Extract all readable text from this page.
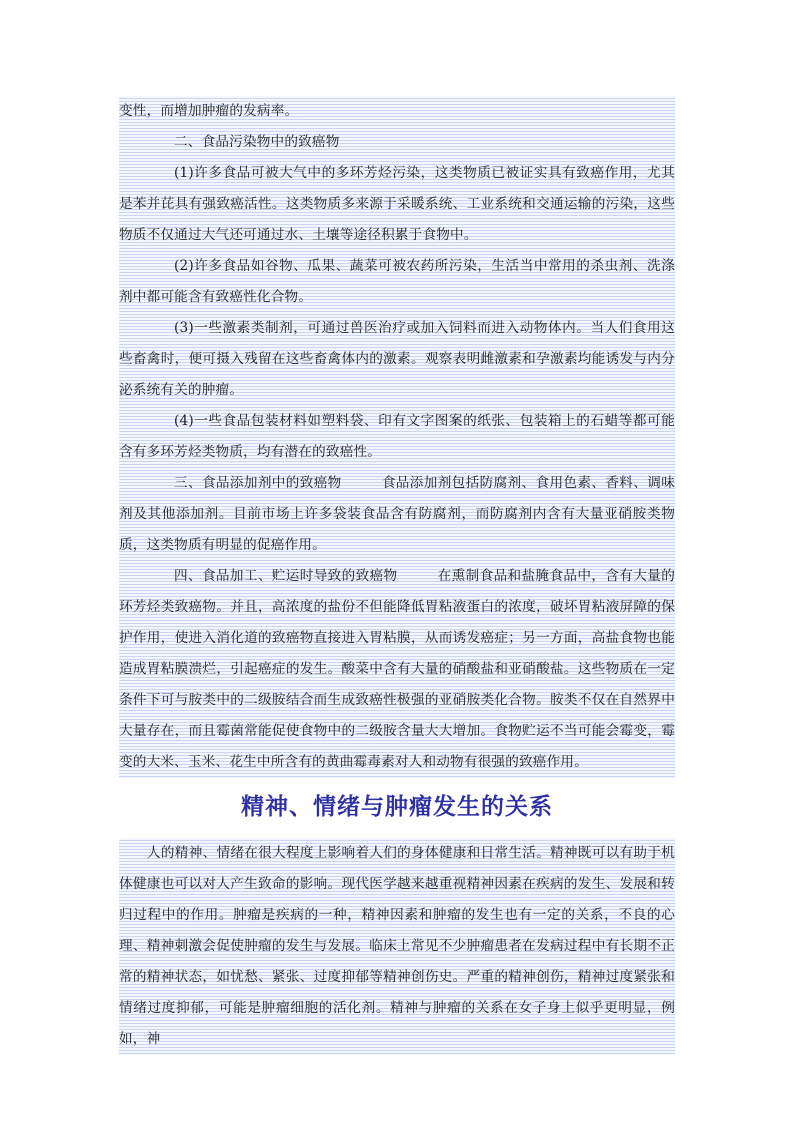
变性，而增加肿瘤的发病率。

二、食品污染物中的致癌物

(1)许多食品可被大气中的多环芳烃污染，这类物质已被证实具有致癌作用，尤其是苯并芘具有强致癌活性。这类物质多来源于采暖系统、工业系统和交通运输的污染，这些物质不仅通过大气还可通过水、土壤等途径积累于食物中。

(2)许多食品如谷物、瓜果、蔬菜可被农药所污染，生活当中常用的杀虫剂、洗涤剂中都可能含有致癌性化合物。

(3)一些激素类制剂，可通过兽医治疗或加入饲料而进入动物体内。当人们食用这些畜禽时，便可摄入残留在这些畜禽体内的激素。观察表明雌激素和孕激素均能诱发与内分泌系统有关的肿瘤。

(4)一些食品包装材料如塑料袋、印有文字图案的纸张、包装箱上的石蜡等都可能含有多环芳烃类物质，均有潜在的致癌性。

三、食品添加剂中的致癌物	食品添加剂包括防腐剂、食用色素、香料、调味剂及其他添加剂。目前市场上许多袋装食品含有防腐剂，而防腐剂内含有大量亚硝胺类物质，这类物质有明显的促癌作用。

四、食品加工、贮运时导致的致癌物	在熏制食品和盐腌食品中，含有大量的环芳烃类致癌物。并且，高浓度的盐份不但能降低胃粘液蛋白的浓度，破坏胃粘液屏障的保护作用，使进入消化道的致癌物直接进入胃粘膜，从而诱发癌症；另一方面，高盐食物也能造成胃粘膜溃烂，引起癌症的发生。酸菜中含有大量的硝酸盐和亚硝酸盐。这些物质在一定条件下可与胺类中的二级胺结合而生成致癌性极强的亚硝胺类化合物。胺类不仅在自然界中大量存在，而且霉菌常能促使食物中的二级胺含量大大增加。食物贮运不当可能会霉变，霉变的大米、玉米、花生中所含有的黄曲霉毒素对人和动物有很强的致癌作用。

精神、情绪与肿瘤发生的关系

人的精神、情绪在很大程度上影响着人们的身体健康和日常生活。精神既可以有助于机体健康也可以对人产生致命的影响。现代医学越来越重视精神因素在疾病的发生、发展和转归过程中的作用。肿瘤是疾病的一种，精神因素和肿瘤的发生也有一定的关系，不良的心理、精神刺激会促使肿瘤的发生与发展。临床上常见不少肿瘤患者在发病过程中有长期不正常的精神状态，如忧愁、紧张、过度抑郁等精神创伤史。严重的精神创伤，精神过度紧张和情绪过度抑郁，可能是肿瘤细胞的活化剂。精神与肿瘤的关系在女子身上似乎更明显，例如，神
